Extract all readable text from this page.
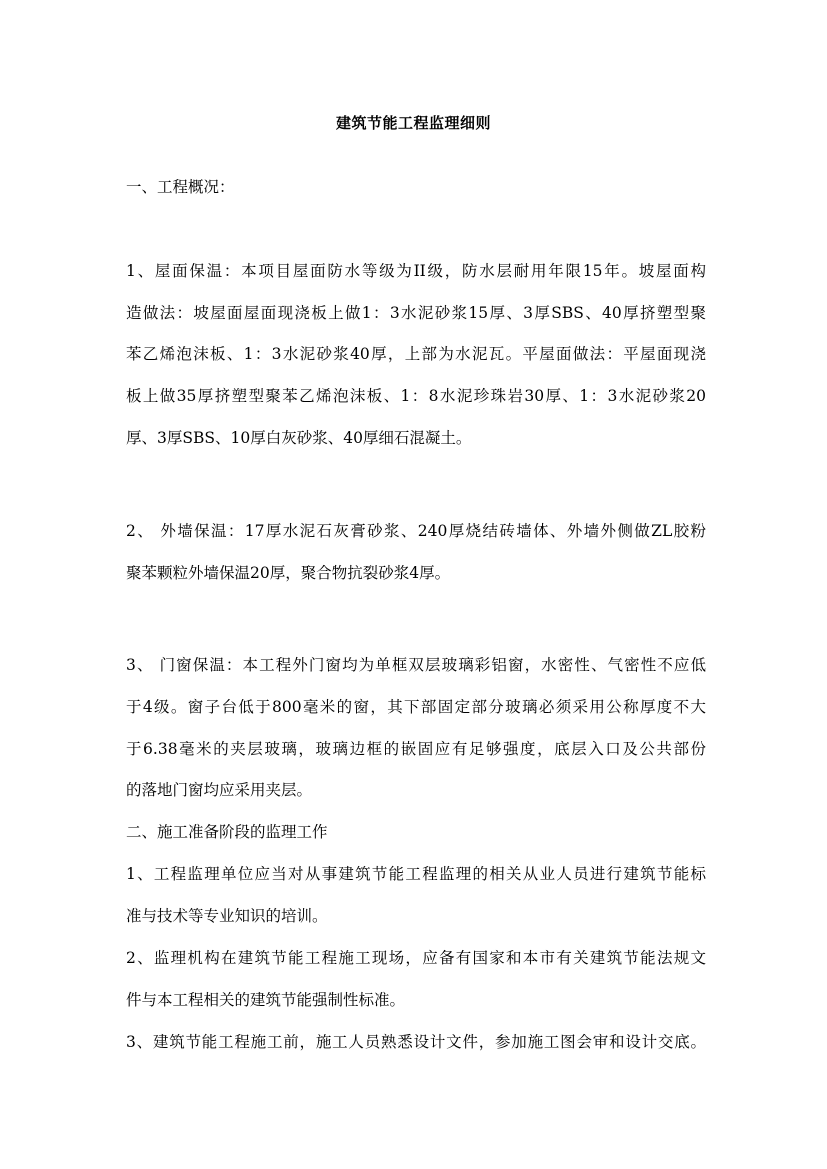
建筑节能工程监理细则
一、工程概况：
1、屋面保温：本项目屋面防水等级为II级，防水层耐用年限15年。坡屋面构
造做法：坡屋面屋面现浇板上做1：3水泥砂浆15厚、3厚SBS、40厚挤塑型聚
苯乙烯泡沫板、1：3水泥砂浆40厚，上部为水泥瓦。平屋面做法：平屋面现浇
板上做35厚挤塑型聚苯乙烯泡沫板、1：8水泥珍珠岩30厚、1：3水泥砂浆20
厚、3厚SBS、10厚白灰砂浆、40厚细石混凝土。
2、 外墙保温：17厚水泥石灰膏砂浆、240厚烧结砖墙体、外墙外侧做ZL胶粉
聚苯颗粒外墙保温20厚，聚合物抗裂砂浆4厚。
3、 门窗保温：本工程外门窗均为单框双层玻璃彩铝窗，水密性、气密性不应低
于4级。窗子台低于800毫米的窗，其下部固定部分玻璃必须采用公称厚度不大
于6.38毫米的夹层玻璃，玻璃边框的嵌固应有足够强度，底层入口及公共部份
的落地门窗均应采用夹层。
二、施工准备阶段的监理工作
1、工程监理单位应当对从事建筑节能工程监理的相关从业人员进行建筑节能标
准与技术等专业知识的培训。
2、监理机构在建筑节能工程施工现场，应备有国家和本市有关建筑节能法规文
件与本工程相关的建筑节能强制性标准。
3、建筑节能工程施工前，施工人员熟悉设计文件，参加施工图会审和设计交底。
